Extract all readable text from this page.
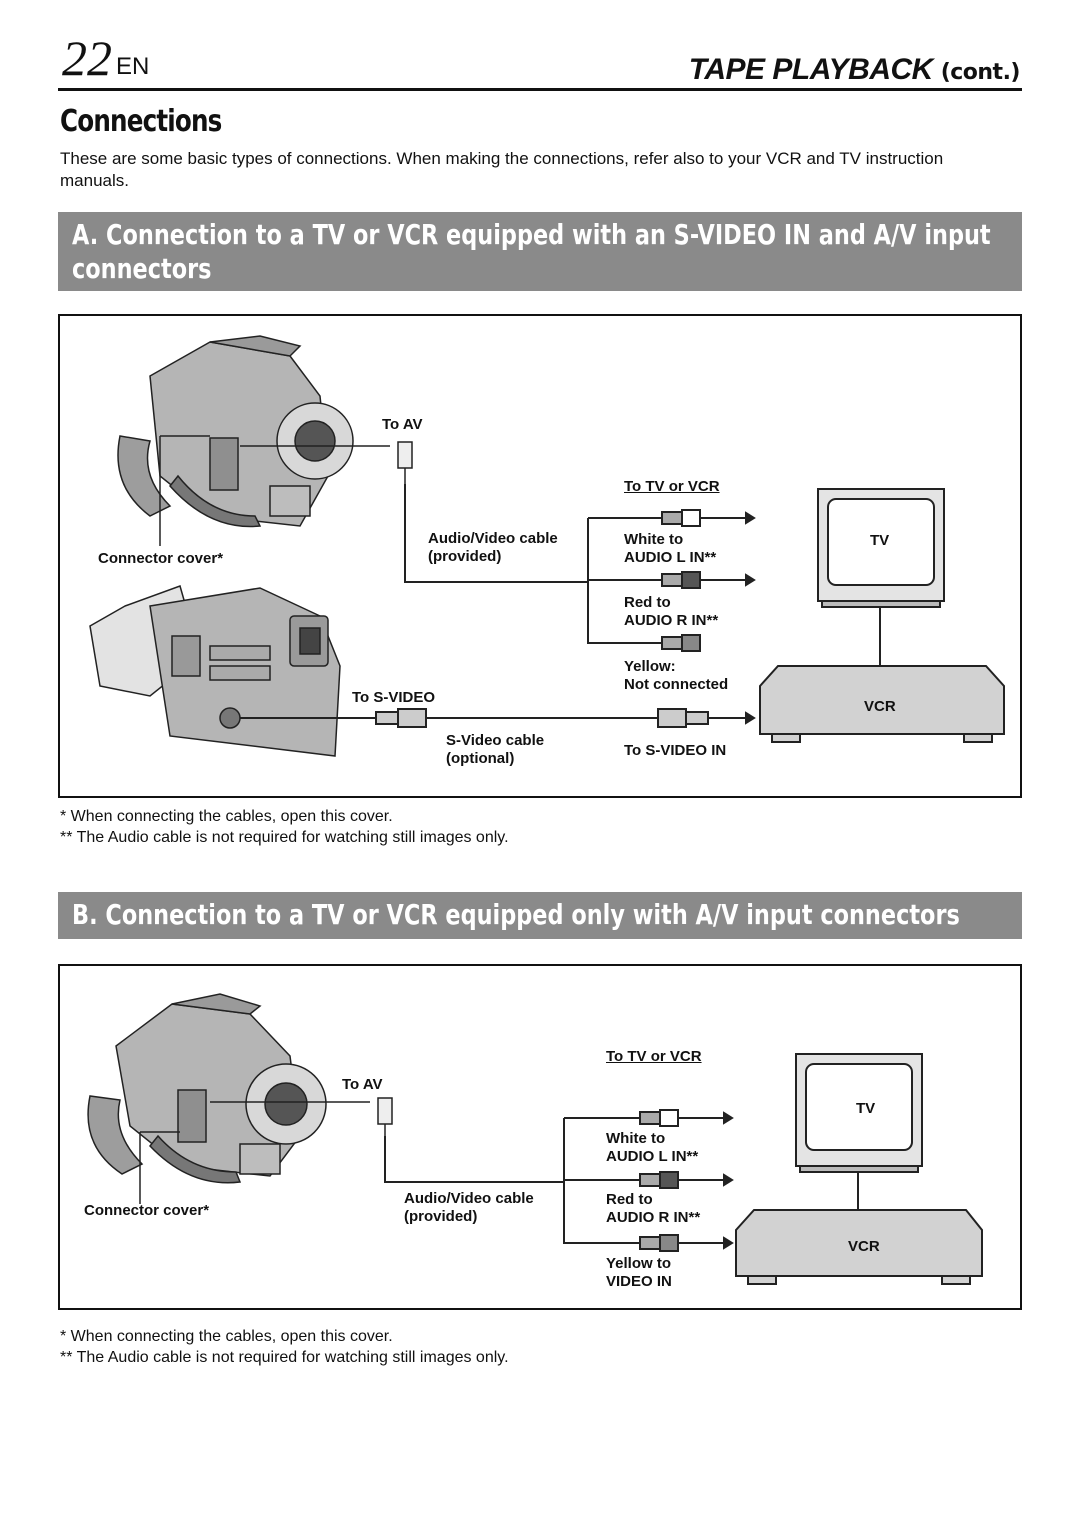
22 EN	TAPE PLAYBACK (cont.)
Connections
These are some basic types of connections. When making the connections, refer also to your VCR and TV instruction manuals.
A. Connection to a TV or VCR equipped with an S-VIDEO IN and A/V input
connectors
To AV
Connector cover*
Audio/Video cable
(provided)
To TV or VCR
White to
AUDIO L IN**
Red to
AUDIO R IN**
Yellow:
Not connected
To S-VIDEO
S-Video cable
(optional)	To S-VIDEO IN
TV
VCR
* When connecting the cables, open this cover.
** The Audio cable is not required for watching still images only.
B. Connection to a TV or VCR equipped only with A/V input connectors
To AV
Connector cover*
Audio/Video cable
(provided)
To TV or VCR
White to
AUDIO L IN**
Red to
AUDIO R IN**
Yellow to
VIDEO IN
TV
VCR
* When connecting the cables, open this cover.
** The Audio cable is not required for watching still images only.
